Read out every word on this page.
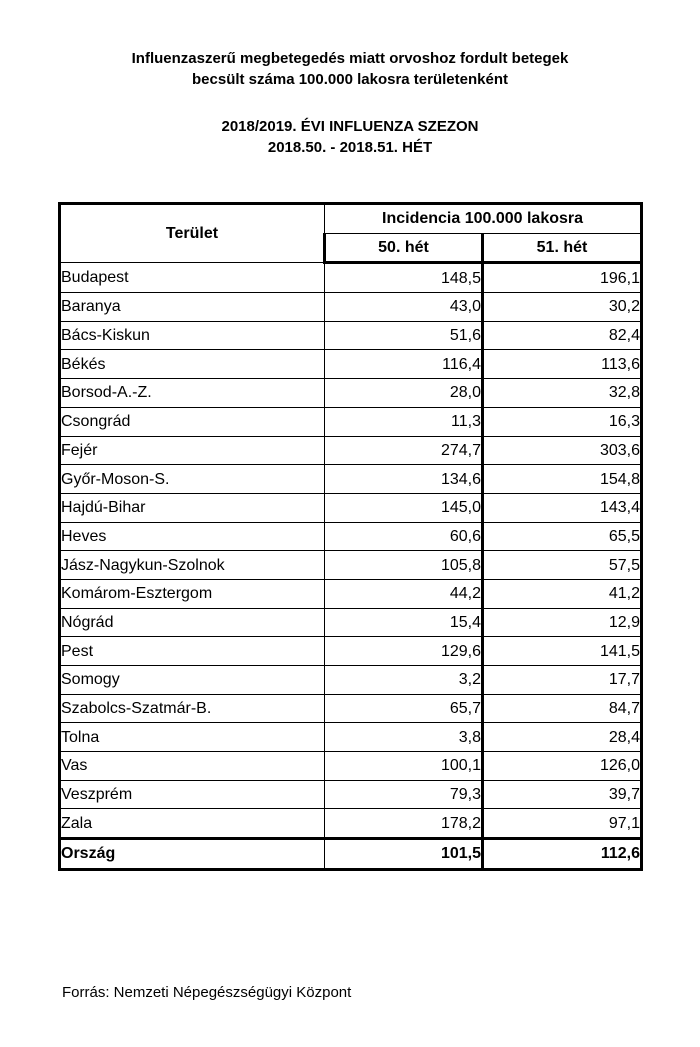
Influenzaszerű megbetegedés miatt orvoshoz fordult betegek
becsült száma 100.000 lakosra területenként
2018/2019. ÉVI INFLUENZA SZEZON
2018.50. - 2018.51. HÉT
Terület	Incidencia 100.000 lakosra	
	50. hét	51. hét
Budapest	148,5	196,1
Baranya	43,0	30,2
Bács-Kiskun	51,6	82,4
Békés	116,4	113,6
Borsod-A.-Z.	28,0	32,8
Csongrád	11,3	16,3
Fejér	274,7	303,6
Győr-Moson-S.	134,6	154,8
Hajdú-Bihar	145,0	143,4
Heves	60,6	65,5
Jász-Nagykun-Szolnok	105,8	57,5
Komárom-Esztergom	44,2	41,2
Nógrád	15,4	12,9
Pest	129,6	141,5
Somogy	3,2	17,7
Szabolcs-Szatmár-B.	65,7	84,7
Tolna	3,8	28,4
Vas	100,1	126,0
Veszprém	79,3	39,7
Zala	178,2	97,1
Ország	101,5	112,6
Forrás: Nemzeti Népegészségügyi Központ
